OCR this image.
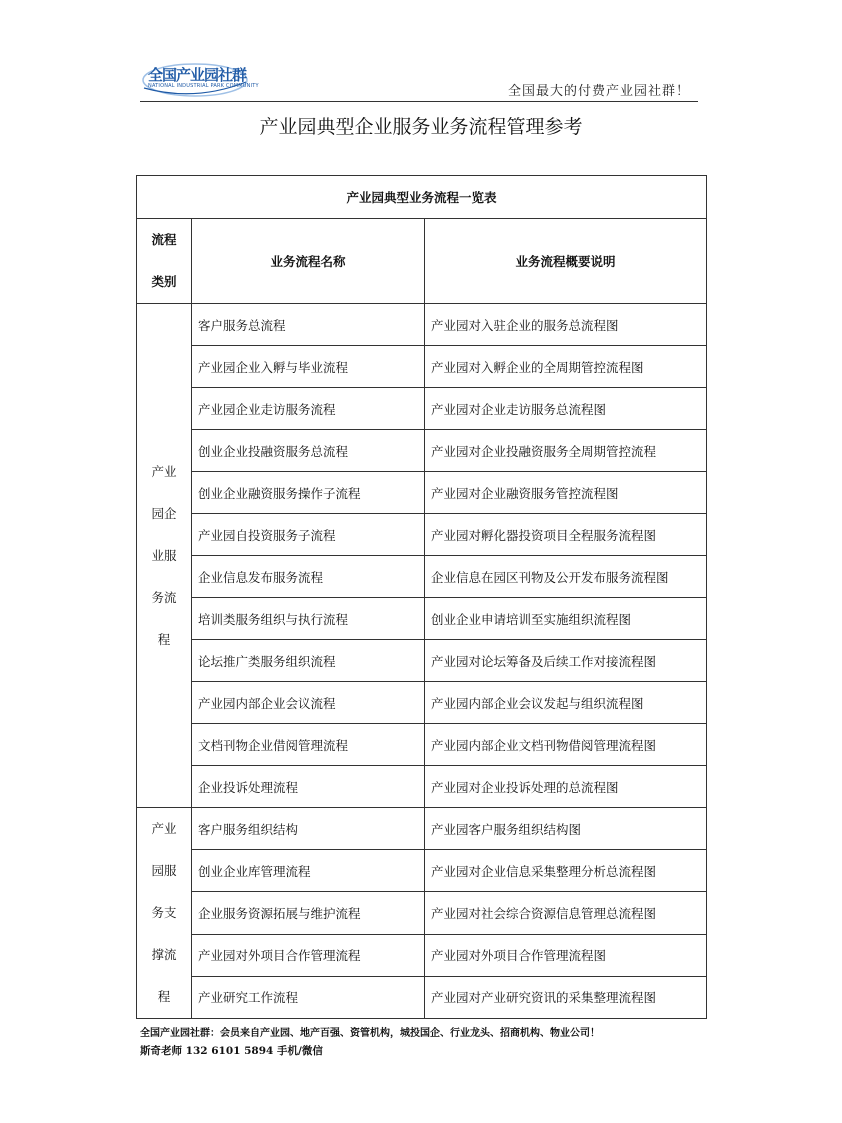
全国产业园社群
NATIONAL INDUSTRIAL PARK COMMUNITY	全国最大的付费产业园社群！
产业园典型企业服务业务流程管理参考
产业园典型业务流程一览表		

流程
类别	业务流程名称	业务流程概要说明

产业
园企
业服
务流
程	客户服务总流程	产业园对入驻企业的服务总流程图
	产业园企业入孵与毕业流程	产业园对入孵企业的全周期管控流程图
	产业园企业走访服务流程	产业园对企业走访服务总流程图
	创业企业投融资服务总流程	产业园对企业投融资服务全周期管控流程
	创业企业融资服务操作子流程	产业园对企业融资服务管控流程图
	产业园自投资服务子流程	产业园对孵化器投资项目全程服务流程图
	企业信息发布服务流程	企业信息在园区刊物及公开发布服务流程图
	培训类服务组织与执行流程	创业企业申请培训至实施组织流程图
	论坛推广类服务组织流程	产业园对论坛筹备及后续工作对接流程图
	产业园内部企业会议流程	产业园内部企业会议发起与组织流程图
	文档刊物企业借阅管理流程	产业园内部企业文档刊物借阅管理流程图
	企业投诉处理流程	产业园对企业投诉处理的总流程图

产业
园服
务支
撑流
程	客户服务组织结构	产业园客户服务组织结构图
	创业企业库管理流程	产业园对企业信息采集整理分析总流程图
	企业服务资源拓展与维护流程	产业园对社会综合资源信息管理总流程图
	产业园对外项目合作管理流程	产业园对外项目合作管理流程图
	产业研究工作流程	产业园对产业研究资讯的采集整理流程图
全国产业园社群：会员来自产业园、地产百强、资管机构，城投国企、行业龙头、招商机构、物业公司！
斯奇老师 132 6101 5894 手机/微信
